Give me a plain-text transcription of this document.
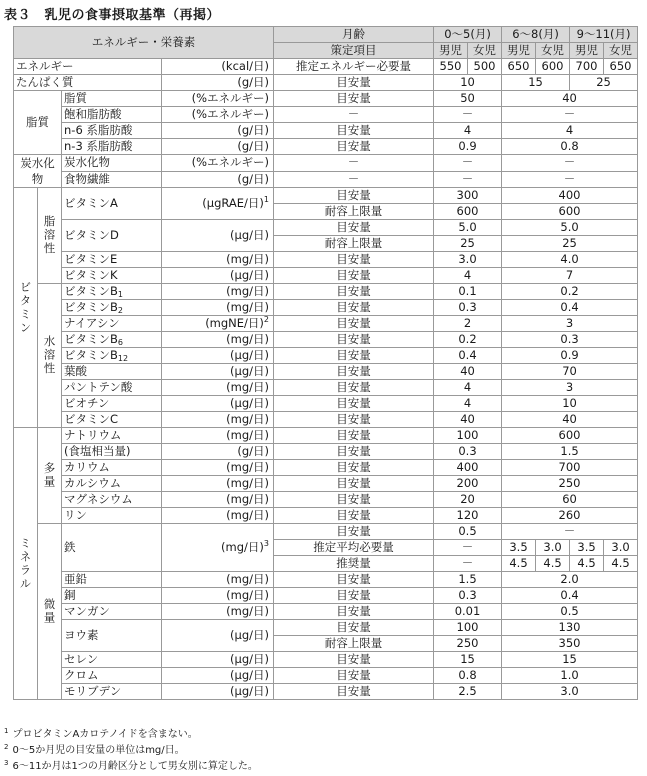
表３　乳児の食事摂取基準（再掲）
エネルギー・栄養素				月齢	0～5(月)		6～8(月)		9～11(月)	
				策定項目	男児	女児	男児	女児	男児	女児
エネルギー			(kcal/日)	推定エネルギー必要量	550	500	650	600	700	650
たんぱく質			(g/日)	目安量	10		15		25	
脂質		脂質	(%エネルギー)	目安量	50		40			
		飽和脂肪酸	(%エネルギー)	－	－		－			
		n-6 系脂肪酸	(g/日)	目安量	4		4			
		n-3 系脂肪酸	(g/日)	目安量	0.9		0.8			
炭水化物		炭水化物	(%エネルギー)	－	－		－			
		食物繊維	(g/日)	－	－		－			
ビタミン	脂溶性	ビタミンA	(μgRAE/日)$^1$	目安量	300		400			
				耐容上限量	600		600			
		ビタミンD	(μg/日)	目安量	5.0		5.0			
				耐容上限量	25		25			
		ビタミンE	(mg/日)	目安量	3.0		4.0			
		ビタミンK	(μg/日)	目安量	4		7			
	水溶性	ビタミン$B_1$	(mg/日)	目安量	0.1		0.2			
		ビタミン$B_2$	(mg/日)	目安量	0.3		0.4			
		ナイアシン	(mgNE/日)$^2$	目安量	2		3			
		ビタミン$B_6$	(mg/日)	目安量	0.2		0.3			
		ビタミン$B_{12}$	(μg/日)	目安量	0.4		0.9			
		葉酸	(μg/日)	目安量	40		70			
		パントテン酸	(mg/日)	目安量	4		3			
		ビオチン	(μg/日)	目安量	4		10			
		ビタミンC	(mg/日)	目安量	40		40			
ミネラル	多量	ナトリウム	(mg/日)	目安量	100		600			
		(食塩相当量)	(g/日)	目安量	0.3		1.5			
		カリウム	(mg/日)	目安量	400		700			
		カルシウム	(mg/日)	目安量	200		250			
		マグネシウム	(mg/日)	目安量	20		60			
		リン	(mg/日)	目安量	120		260			
	微量	鉄	(mg/日)$^3$	目安量	0.5		－			
				推定平均必要量	－		3.5	3.0	3.5	3.0
				推奨量	－		4.5	4.5	4.5	4.5
		亜鉛	(mg/日)	目安量	1.5		2.0			
		銅	(mg/日)	目安量	0.3		0.4			
		マンガン	(mg/日)	目安量	0.01		0.5			
		ヨウ素	(μg/日)	目安量	100		130			
				耐容上限量	250		350			
		セレン	(μg/日)	目安量	15		15			
		クロム	(μg/日)	目安量	0.8		1.0			
		モリブデン	(μg/日)	目安量	2.5		3.0			
$^1$ プロビタミンAカロテノイドを含まない。
$^2$ 0～5か月児の目安量の単位はmg/日。
$^3$ 6～11か月は1つの月齢区分として男女別に算定した。
